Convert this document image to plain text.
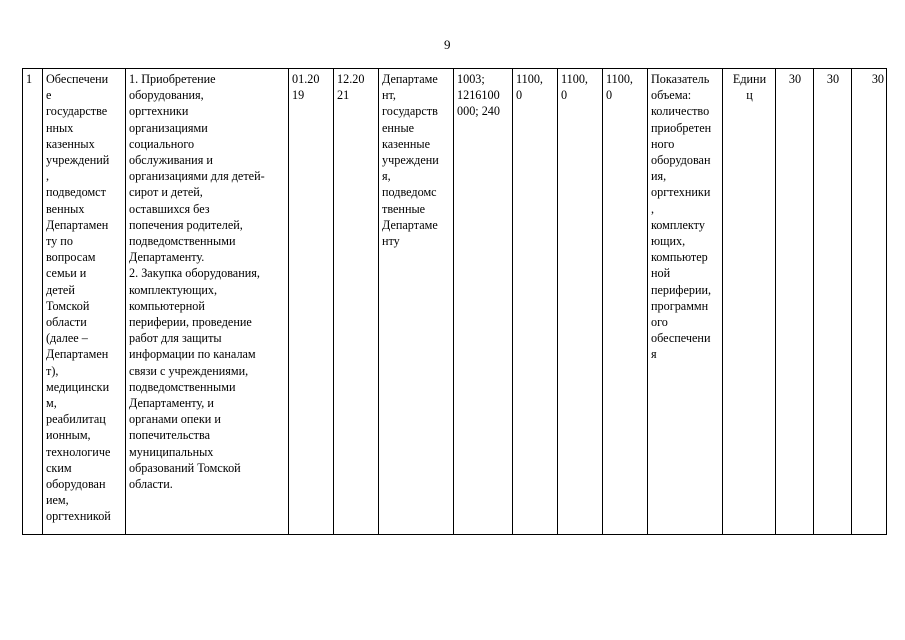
9
1	Обеспечени
е
государстве
нных
казенных
учреждений
,
подведомст
венных
Департамен
ту по
вопросам
семьи и
детей
Томской
области
(далее –
Департамен
т),
медицински
м,
реабилитац
ионным,
технологиче
ским
оборудован
ием,
оргтехникой	1. Приобретение
оборудования,
оргтехники
организациями
социального
обслуживания и
организациями для детей-
сирот и детей,
оставшихся без
попечения родителей,
подведомственными
Департаменту.
2. Закупка оборудования,
комплектующих,
компьютерной
периферии, проведение
работ для защиты
информации по каналам
связи с учреждениями,
подведомственными
Департаменту, и
органами опеки и
попечительства
муниципальных
образований Томской
области.	01.20
19	12.20
21	Департаме
нт,
государств
енные
казенные
учреждени
я,
подведомс
твенные
Департаме
нту	1003;
1216100
000; 240	1100,
0	1100,
0	1100,
0	Показатель
объема:
количество
приобретен
ного
оборудован
ия,
оргтехники
,
комплекту
ющих,
компьютер
ной
периферии,
программн
ого
обеспечени
я	Едини
ц	30	30	30
